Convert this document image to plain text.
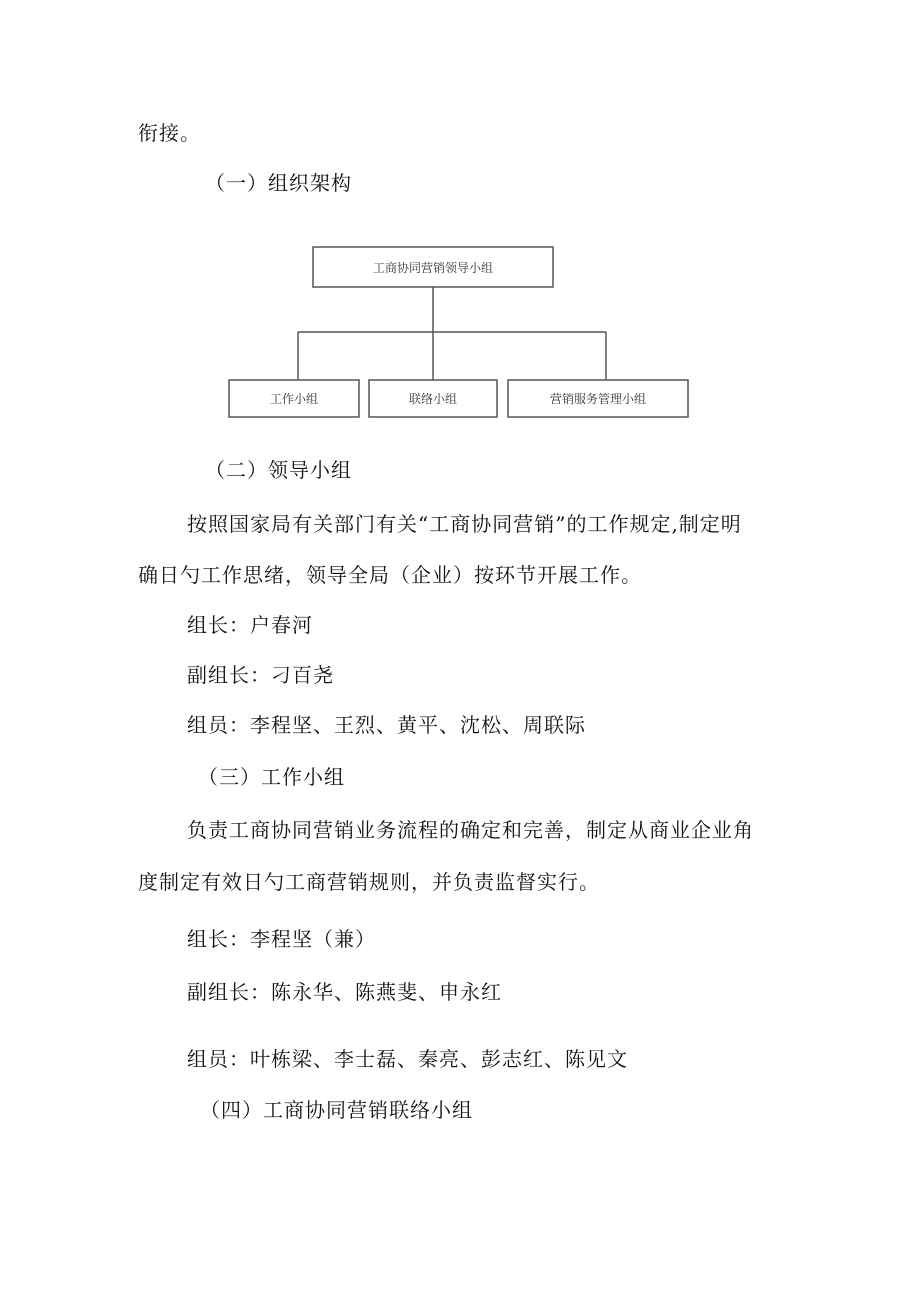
衔接。
（一）组织架构
工商协同营销领导小组
工作小组	联络小组	营销服务管理小组
（二）领导小组
按照国家局有关部门有关“工商协同营销”的工作规定,制定明
确日勺工作思绪，领导全局（企业）按环节开展工作。
组长：户春河
副组长：刁百尧
组员：李程坚、王烈、黄平、沈松、周联际
（三）工作小组
负责工商协同营销业务流程的确定和完善，制定从商业企业角
度制定有效日勺工商营销规则，并负责监督实行。
组长：李程坚（兼）
副组长：陈永华、陈燕斐、申永红
组员：叶栋梁、李士磊、秦亮、彭志红、陈见文
（四）工商协同营销联络小组
